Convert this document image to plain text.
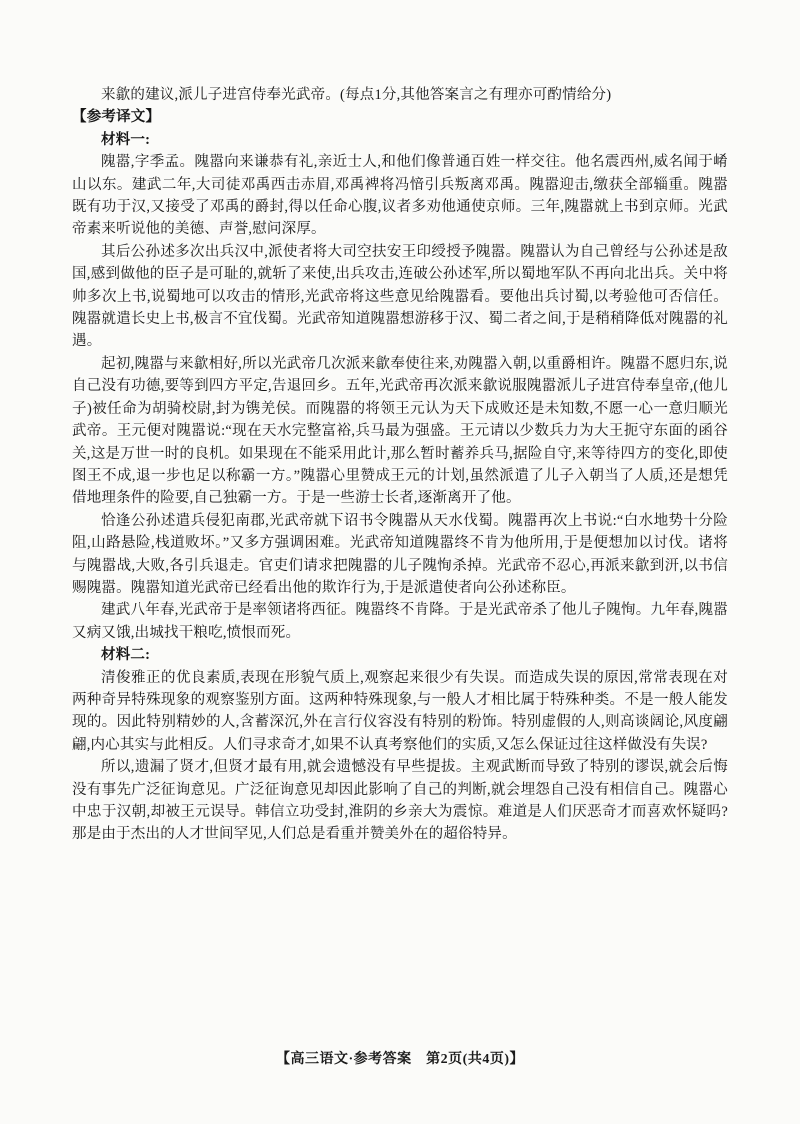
来歙的建议,派儿子进宫侍奉光武帝。(每点1分,其他答案言之有理亦可酌情给分)

【参考译文】

材料一:

隗嚣,字季孟。隗嚣向来谦恭有礼,亲近士人,和他们像普通百姓一样交往。他名震西州,威名闻于崤山以东。建武二年,大司徒邓禹西击赤眉,邓禹裨将冯愔引兵叛离邓禹。隗嚣迎击,缴获全部辎重。隗嚣既有功于汉,又接受了邓禹的爵封,得以任命心腹,议者多劝他通使京师。三年,隗嚣就上书到京师。光武帝素来听说他的美德、声誉,慰问深厚。

其后公孙述多次出兵汉中,派使者将大司空扶安王印绶授予隗嚣。隗嚣认为自己曾经与公孙述是敌国,感到做他的臣子是可耻的,就斩了来使,出兵攻击,连破公孙述军,所以蜀地军队不再向北出兵。关中将帅多次上书,说蜀地可以攻击的情形,光武帝将这些意见给隗嚣看。要他出兵讨蜀,以考验他可否信任。隗嚣就遣长史上书,极言不宜伐蜀。光武帝知道隗嚣想游移于汉、蜀二者之间,于是稍稍降低对隗嚣的礼遇。

起初,隗嚣与来歙相好,所以光武帝几次派来歙奉使往来,劝隗嚣入朝,以重爵相许。隗嚣不愿归东,说自己没有功德,要等到四方平定,告退回乡。五年,光武帝再次派来歙说服隗嚣派儿子进宫侍奉皇帝,(他儿子)被任命为胡骑校尉,封为镌羌侯。而隗嚣的将领王元认为天下成败还是未知数,不愿一心一意归顺光武帝。王元便对隗嚣说:“现在天水完整富裕,兵马最为强盛。王元请以少数兵力为大王扼守东面的函谷关,这是万世一时的良机。如果现在不能采用此计,那么暂时蓄养兵马,据险自守,来等待四方的变化,即使图王不成,退一步也足以称霸一方。”隗嚣心里赞成王元的计划,虽然派遣了儿子入朝当了人质,还是想凭借地理条件的险要,自己独霸一方。于是一些游士长者,逐渐离开了他。

恰逢公孙述遣兵侵犯南郡,光武帝就下诏书令隗嚣从天水伐蜀。隗嚣再次上书说:“白水地势十分险阻,山路悬险,栈道败坏。”又多方强调困难。光武帝知道隗嚣终不肯为他所用,于是便想加以讨伐。诸将与隗嚣战,大败,各引兵退走。官吏们请求把隗嚣的儿子隗恂杀掉。光武帝不忍心,再派来歙到汧,以书信赐隗嚣。隗嚣知道光武帝已经看出他的欺诈行为,于是派遣使者向公孙述称臣。

建武八年春,光武帝于是率领诸将西征。隗嚣终不肯降。于是光武帝杀了他儿子隗恂。九年春,隗嚣又病又饿,出城找干粮吃,愤恨而死。

材料二:

清俊雅正的优良素质,表现在形貌气质上,观察起来很少有失误。而造成失误的原因,常常表现在对两种奇异特殊现象的观察鉴别方面。这两种特殊现象,与一般人才相比属于特殊种类。不是一般人能发现的。因此特别精妙的人,含蓄深沉,外在言行仪容没有特别的粉饰。特别虚假的人,则高谈阔论,风度翩翩,内心其实与此相反。人们寻求奇才,如果不认真考察他们的实质,又怎么保证过往这样做没有失误?

所以,遗漏了贤才,但贤才最有用,就会遗憾没有早些提拔。主观武断而导致了特别的谬误,就会后悔没有事先广泛征询意见。广泛征询意见却因此影响了自己的判断,就会埋怨自己没有相信自己。隗嚣心中忠于汉朝,却被王元误导。韩信立功受封,淮阴的乡亲大为震惊。难道是人们厌恶奇才而喜欢怀疑吗?那是由于杰出的人才世间罕见,人们总是看重并赞美外在的超俗特异。

【高三语文·参考答案　第2页(共4页)】
